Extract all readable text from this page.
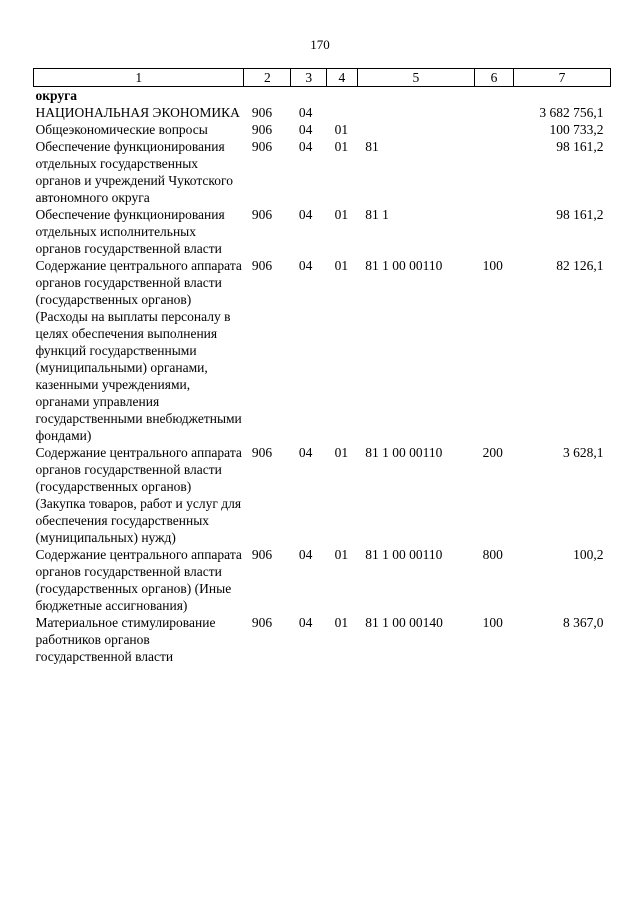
170
1	2	3	4	5	6	7
округа						
НАЦИОНАЛЬНАЯ ЭКОНОМИКА	906	04				3 682 756,1
Общеэкономические вопросы	906	04	01			100 733,2
Обеспечение функционирования отдельных государственных органов и учреждений Чукотского автономного округа	906	04	01	81		98 161,2
Обеспечение функционирования отдельных исполнительных органов государственной власти	906	04	01	81 1		98 161,2
Содержание центрального аппарата органов государственной власти (государственных органов) (Расходы на выплаты персоналу в целях обеспечения выполнения функций государственными (муниципальными) органами, казенными учреждениями, органами управления государственными внебюджетными фондами)	906	04	01	81 1 00 00110	100	82 126,1
Содержание центрального аппарата органов государственной власти (государственных органов) (Закупка товаров, работ и услуг для обеспечения государственных (муниципальных) нужд)	906	04	01	81 1 00 00110	200	3 628,1
Содержание центрального аппарата органов государственной власти (государственных органов) (Иные бюджетные ассигнования)	906	04	01	81 1 00 00110	800	100,2
Материальное стимулирование работников органов государственной власти	906	04	01	81 1 00 00140	100	8 367,0
